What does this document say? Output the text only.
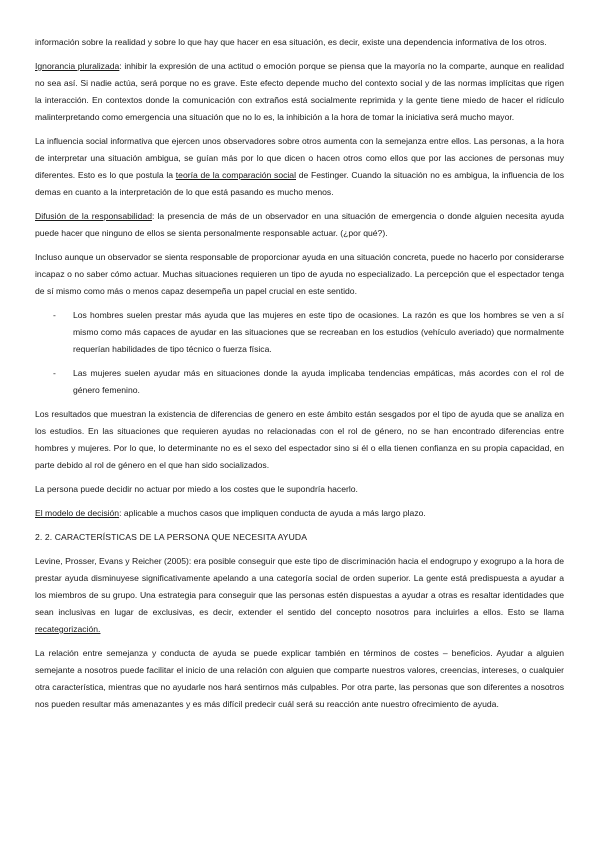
información sobre la realidad y sobre lo que hay que hacer en esa situación, es decir, existe una dependencia informativa de los otros.

Ignorancia pluralizada: inhibir la expresión de una actitud o emoción porque se piensa que la mayoría no la comparte, aunque en realidad no sea así. Si nadie actúa, será porque no es grave. Este efecto depende mucho del contexto social y de las normas implícitas que rigen la interacción. En contextos donde la comunicación con extraños está socialmente reprimida y la gente tiene miedo de hacer el ridículo malinterpretando como emergencia una situación que no lo es, la inhibición a la hora de tomar la iniciativa será mucho mayor.

La influencia social informativa que ejercen unos observadores sobre otros aumenta con la semejanza entre ellos. Las personas, a la hora de interpretar una situación ambigua, se guían más por lo que dicen o hacen otros como ellos que por las acciones de personas muy diferentes. Esto es lo que postula la teoría de la comparación social de Festinger. Cuando la situación no es ambigua, la influencia de los demas en cuanto a la interpretación de lo que está pasando es mucho menos.

Difusión de la responsabilidad: la presencia de más de un observador en una situación de emergencia o donde alguien necesita ayuda puede hacer que ninguno de ellos se sienta personalmente responsable actuar. (¿por qué?).

Incluso aunque un observador se sienta responsable de proporcionar ayuda en una situación concreta, puede no hacerlo por considerarse incapaz o no saber cómo actuar. Muchas situaciones requieren un tipo de ayuda no especializado. La percepción que el espectador tenga de sí mismo como más o menos capaz desempeña un papel crucial en este sentido.

- Los hombres suelen prestar más ayuda que las mujeres en este tipo de ocasiones. La razón es que los hombres se ven a sí mismo como más capaces de ayudar en las situaciones que se recreaban en los estudios (vehículo averiado) que normalmente requerían habilidades de tipo técnico o fuerza física.
- Las mujeres suelen ayudar más en situaciones donde la ayuda implicaba tendencias empáticas, más acordes con el rol de género femenino.

Los resultados que muestran la existencia de diferencias de genero en este ámbito están sesgados por el tipo de ayuda que se analiza en los estudios. En las situaciones que requieren ayudas no relacionadas con el rol de género, no se han encontrado diferencias entre hombres y mujeres. Por lo que, lo determinante no es el sexo del espectador sino si él o ella tienen confianza en su propia capacidad, en parte debido al rol de género en el que han sido socializados.

La persona puede decidir no actuar por miedo a los costes que le supondría hacerlo.

El modelo de decisión: aplicable a muchos casos que impliquen conducta de ayuda a más largo plazo.

2. 2. CARACTERÍSTICAS DE LA PERSONA QUE NECESITA AYUDA

Levine, Prosser, Evans y Reicher (2005): era posible conseguir que este tipo de discriminación hacia el endogrupo y exogrupo a la hora de prestar ayuda disminuyese significativamente apelando a una categoría social de orden superior. La gente está predispuesta a ayudar a los miembros de su grupo. Una estrategia para conseguir que las personas estén dispuestas a ayudar a otras es resaltar identidades que sean inclusivas en lugar de exclusivas, es decir, extender el sentido del concepto nosotros para incluirles a ellos. Esto se llama recategorización.

La relación entre semejanza y conducta de ayuda se puede explicar también en términos de costes – beneficios. Ayudar a alguien semejante a nosotros puede facilitar el inicio de una relación con alguien que comparte nuestros valores, creencias, intereses, o cualquier otra característica, mientras que no ayudarle nos hará sentirnos más culpables. Por otra parte, las personas que son diferentes a nosotros nos pueden resultar más amenazantes y es más difícil predecir cuál será su reacción ante nuestro ofrecimiento de ayuda.
